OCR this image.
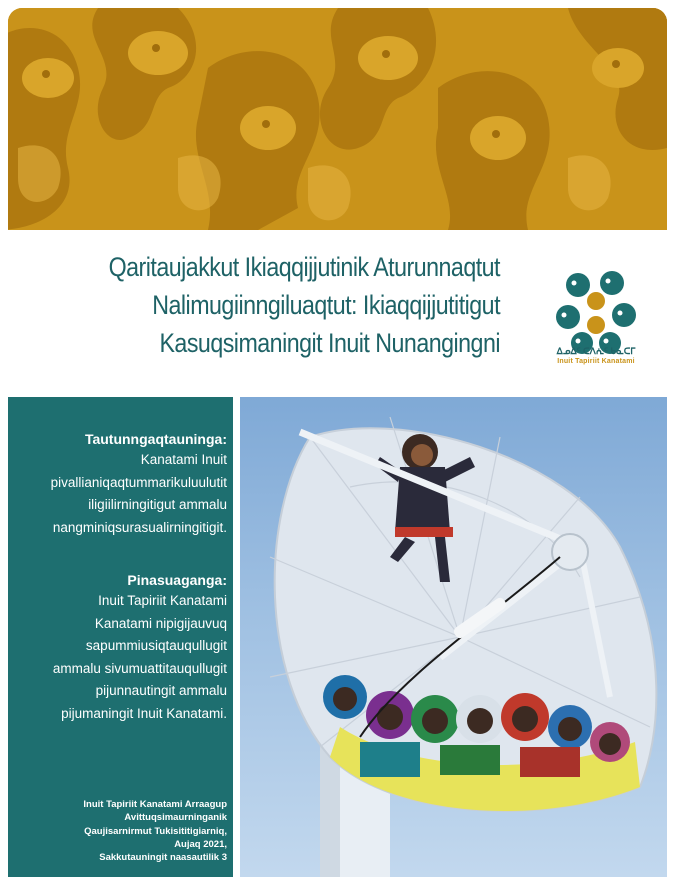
Qaritaujakkut Ikiaqqijjutinik Aturunnaqtut
Nalimugiinngiluaqtut: Ikiaqqijjutitigut
Kasuqsimaningit Inuit Nunangingni	ᐃᓄᐃᑦ ᑕᐱᕇᑦ ᑲᓇᑕᒥ
Inuit Tapiriit Kanatami
Tautunngaqtauninga:
Kanatami Inuit
pivallianiqaqtummarikuluulutit
iligiilirningitigut ammalu
nangminiqsurasualirningitigit.
Pinasuaganga:
Inuit Tapiriit Kanatami
Kanatami nipigijauvuq
sapummiusiqtauqullugit
ammalu sivumuattitauqullugit
pijunnautingit ammalu
pijumaningit Inuit Kanatami.
Inuit Tapiriit Kanatami Arraagup
Avittuqsimaurninganik
Qaujisarnirmut Tukisititigiarniq,
Aujaq 2021,
Sakkutauningit naasautilik 3
